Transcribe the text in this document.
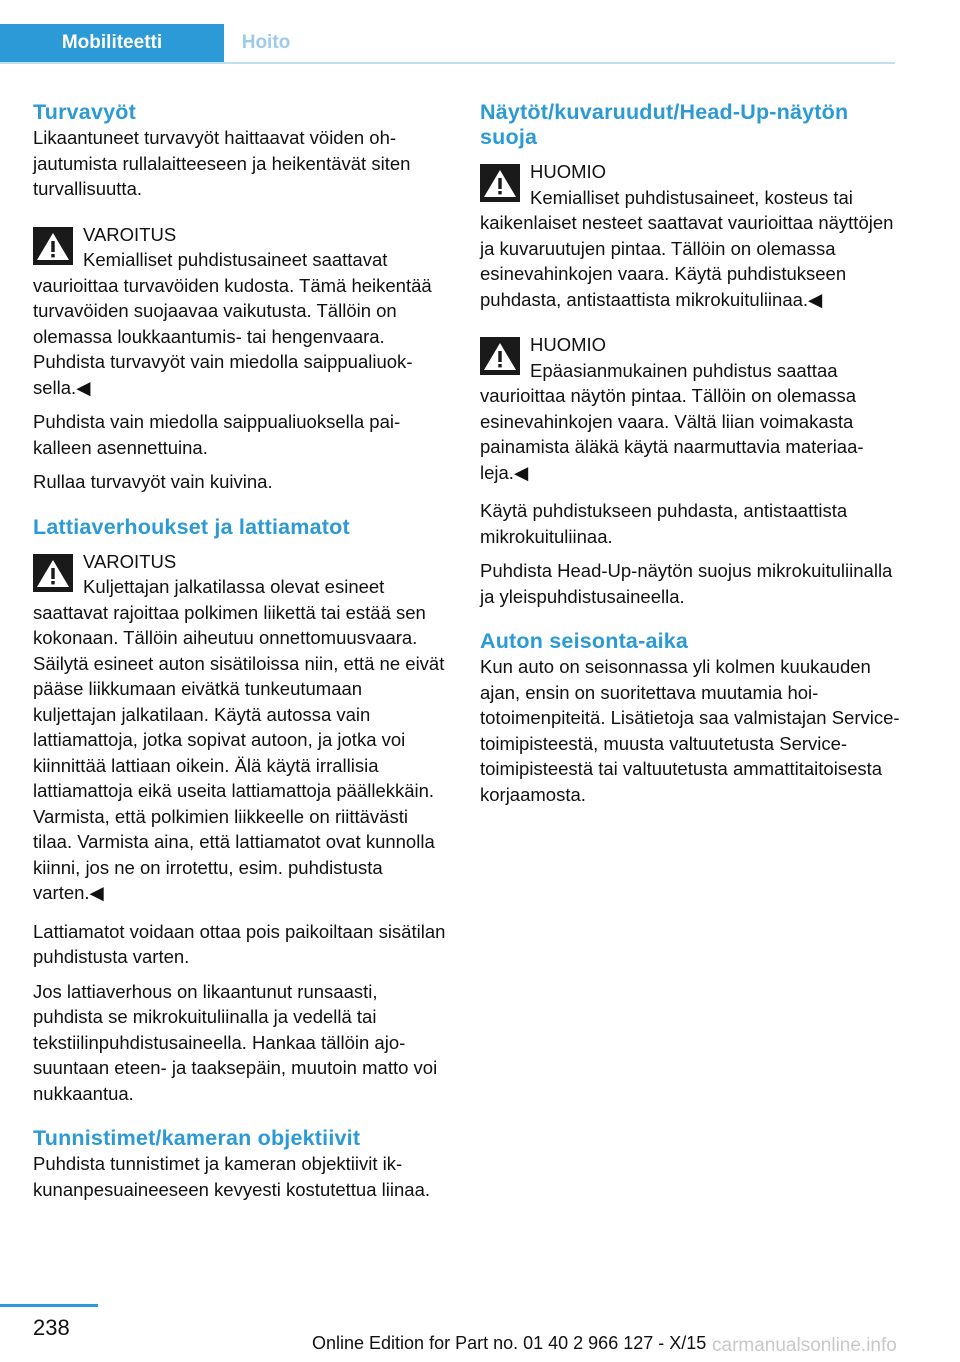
Mobiliteetti	Hoito
Turvavyöt

Likaantuneet turvavyöt haittaavat vöiden ohjautumista rullalaitteeseen ja heikentävät siten turvallisuutta.

VAROITUS

Kemialliset puhdistusaineet saattavat vaurioittaa turvavöiden kudosta. Tämä heikentää turvavöiden suojaavaa vaikutusta. Tällöin on olemassa loukkaantumis- tai hengenvaara. Puhdista turvavyöt vain miedolla saippualiuoksella.◀

Puhdista vain miedolla saippualiuoksella paikalleen asennettuina.

Rullaa turvavyöt vain kuivina.

Lattiaverhoukset ja lattiamatot

VAROITUS

Kuljettajan jalkatilassa olevat esineet saattavat rajoittaa polkimen liikettä tai estää sen kokonaan. Tällöin aiheutuu onnettomuusvaara. Säilytä esineet auton sisätiloissa niin, että ne eivät pääse liikkumaan eivätkä tunkeutumaan kuljettajan jalkatilaan. Käytä autossa vain lattiamattoja, jotka sopivat autoon, ja jotka voi kiinnittää lattiaan oikein. Älä käytä irrallisia lattiamattoja eikä useita lattiamattoja päällekkäin. Varmista, että polkimien liikkeelle on riittävästi tilaa. Varmista aina, että lattiamatot ovat kunnolla kiinni, jos ne on irrotettu, esim. puhdistusta varten.◀

Lattiamatot voidaan ottaa pois paikoiltaan sisätilan puhdistusta varten.

Jos lattiaverhous on likaantunut runsaasti, puhdista se mikrokuituliinalla ja vedellä tai tekstiilinpuhdistusaineella. Hankaa tällöin ajosuuntaan eteen- ja taaksepäin, muutoin matto voi nukkaantua.

Tunnistimet/kameran objektiivit

Puhdista tunnistimet ja kameran objektiivit ikkunanpesuaineeseen kevyesti kostutettua liinaa.

Näytöt/kuvaruudut/Head-Up-näytön suoja

HUOMIO

Kemialliset puhdistusaineet, kosteus tai kaikenlaiset nesteet saattavat vaurioittaa näyttöjen ja kuvaruutujen pintaa. Tällöin on olemassa esinevahinkojen vaara. Käytä puhdistukseen puhdasta, antistaattista mikrokuituliinaa.◀

HUOMIO

Epäasianmukainen puhdistus saattaa vaurioittaa näytön pintaa. Tällöin on olemassa esinevahinkojen vaara. Vältä liian voimakasta painamista äläkä käytä naarmuttavia materiaaleja.◀

Käytä puhdistukseen puhdasta, antistaattista mikrokuituliinaa.

Puhdista Head-Up-näytön suojus mikrokuituliinalla ja yleispuhdistusaineella.

Auton seisonta-aika

Kun auto on seisonnassa yli kolmen kuukauden ajan, ensin on suoritettava muutamia hoitotoimenpiteitä. Lisätietoja saa valmistajan Service-toimipisteestä, muusta valtuutetusta Service-toimipisteestä tai valtuutetusta ammattitaitoisesta korjaamosta.

238
Online Edition for Part no. 01 40 2 966 127 - X/15 carmanualsonline.info
